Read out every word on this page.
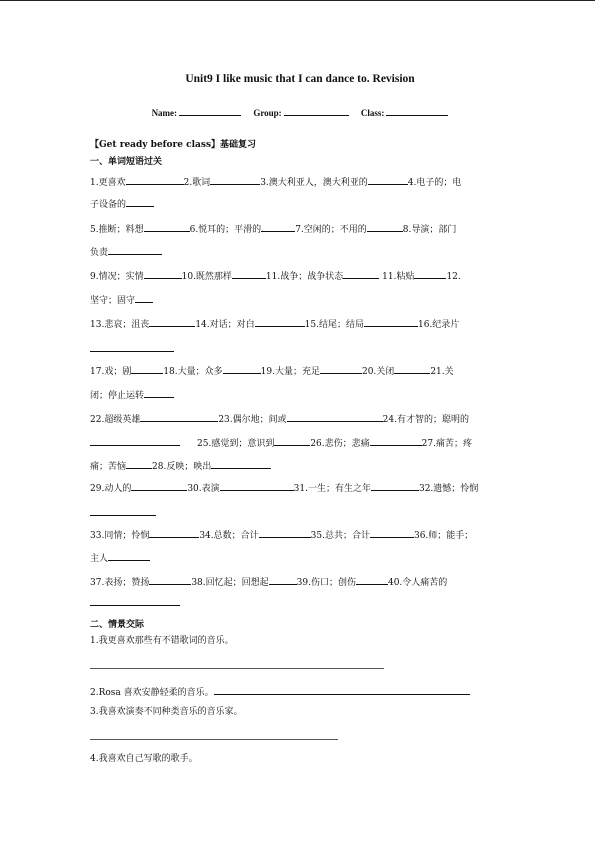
Unit9 I like music that I can dance to. Revision
Name:	Group:	Class:
【Get ready before class】基础复习
一、单词短语过关
1.更喜欢	2.歌词	3.澳大利亚人，澳大利亚的	4.电子的；电
子设备的
5.推断；料想	6.悦耳的；平滑的	7.空闲的；不用的	8.导演；部门
负责
9.情况；实情	10.既然那样	11.战争；战争状态	11.粘贴	12.
坚守；固守
13.悲哀；沮丧	14.对话；对白	15.结尾；结局	16.纪录片
17.戏；剧	18.大量；众多	19.大量；充足	20.关闭	21.关
闭；停止运转
22.超级英雄	23.偶尔地；间或	24.有才智的；聪明的
25.感觉到；意识到	26.悲伤；悲痛	27.痛苦；疼
痛；苦恼	28.反映；映出
29.动人的	30.表演	31.一生；有生之年	32.遗憾；怜悯
33.同情；怜悯	34.总数；合计	35.总共；合计	36.师；能手；
主人
37.表扬；赞扬	38.回忆起；回想起	39.伤口；创伤	40.令人痛苦的
二、情景交际
1.我更喜欢那些有不错歌词的音乐。
2.Rosa 喜欢安静轻柔的音乐。
3.我喜欢演奏不同种类音乐的音乐家。
4.我喜欢自己写歌的歌手。
